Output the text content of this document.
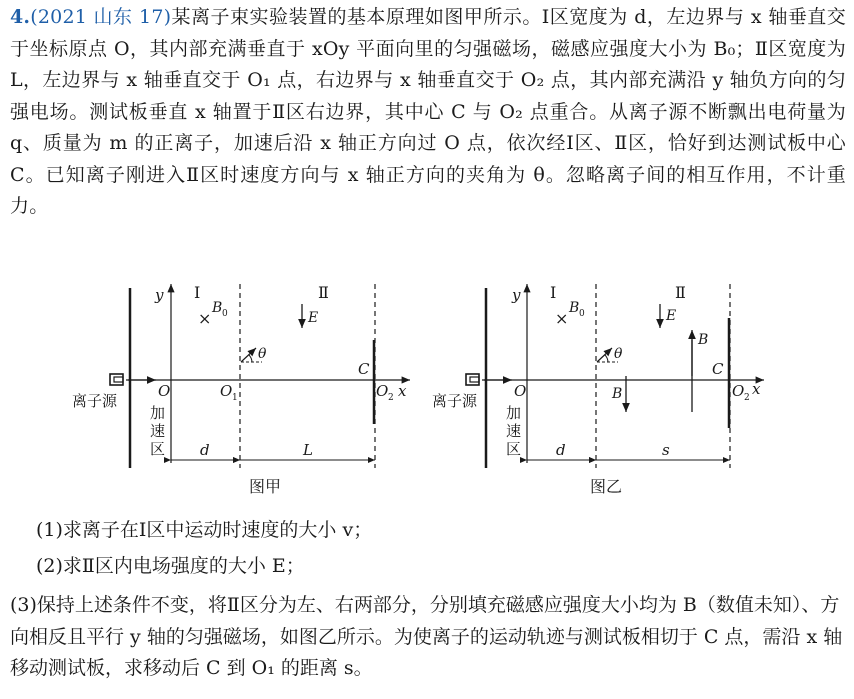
4.(2021 山东 17)某离子束实验装置的基本原理如图甲所示。Ⅰ区宽度为 d，左边界与 x 轴垂直交于坐标原点 O，其内部充满垂直于 xOy 平面向里的匀强磁场，磁感应强度大小为 B₀；Ⅱ区宽度为 L，左边界与 x 轴垂直交于 O₁ 点，右边界与 x 轴垂直交于 O₂ 点，其内部充满沿 y 轴负方向的匀强电场。测试板垂直 x 轴置于Ⅱ区右边界，其中心 C 与 O₂ 点重合。从离子源不断飘出电荷量为 q、质量为 m 的正离子，加速后沿 x 轴正方向过 O 点，依次经Ⅰ区、Ⅱ区，恰好到达测试板中心 C。已知离子刚进入Ⅱ区时速度方向与 x 轴正方向的夹角为 θ。忽略离子间的相互作用，不计重力。
离子源
x
y Ⅰ	Ⅱ
×
B 0	E
θ
O	O 1	O 2
C
加
速
区 d	L
图甲
离子源
x
y Ⅰ	Ⅱ
×
B 0	E
B
B
θ
O	O 2
C
加
速
区 d	s
图乙
(1)求离子在Ⅰ区中运动时速度的大小 v；
(2)求Ⅱ区内电场强度的大小 E；
(3)保持上述条件不变，将Ⅱ区分为左、右两部分，分别填充磁感应强度大小均为 B（数值未知）、方向相反且平行 y 轴的匀强磁场，如图乙所示。为使离子的运动轨迹与测试板相切于 C 点，需沿 x 轴移动测试板，求移动后 C 到 O₁ 的距离 s。
